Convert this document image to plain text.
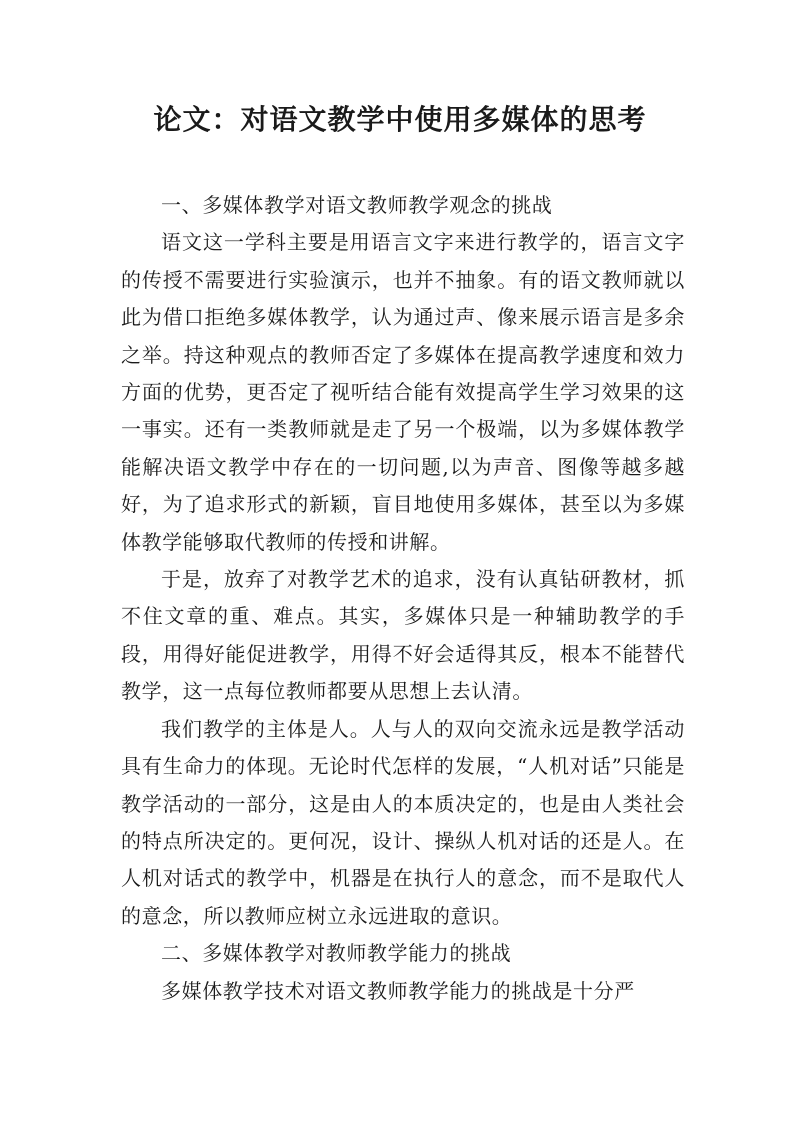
论文：对语文教学中使用多媒体的思考

一、多媒体教学对语文教师教学观念的挑战

语文这一学科主要是用语言文字来进行教学的，语言文字的传授不需要进行实验演示，也并不抽象。有的语文教师就以此为借口拒绝多媒体教学，认为通过声、像来展示语言是多余之举。持这种观点的教师否定了多媒体在提高教学速度和效力方面的优势，更否定了视听结合能有效提高学生学习效果的这一事实。还有一类教师就是走了另一个极端，以为多媒体教学能解决语文教学中存在的一切问题,以为声音、图像等越多越好，为了追求形式的新颖，盲目地使用多媒体，甚至以为多媒体教学能够取代教师的传授和讲解。

于是，放弃了对教学艺术的追求，没有认真钻研教材，抓不住文章的重、难点。其实，多媒体只是一种辅助教学的手段，用得好能促进教学，用得不好会适得其反，根本不能替代教学，这一点每位教师都要从思想上去认清。

我们教学的主体是人。人与人的双向交流永远是教学活动具有生命力的体现。无论时代怎样的发展，“人机对话”只能是教学活动的一部分，这是由人的本质决定的，也是由人类社会的特点所决定的。更何况，设计、操纵人机对话的还是人。在人机对话式的教学中，机器是在执行人的意念，而不是取代人的意念，所以教师应树立永远进取的意识。

二、多媒体教学对教师教学能力的挑战

多媒体教学技术对语文教师教学能力的挑战是十分严
